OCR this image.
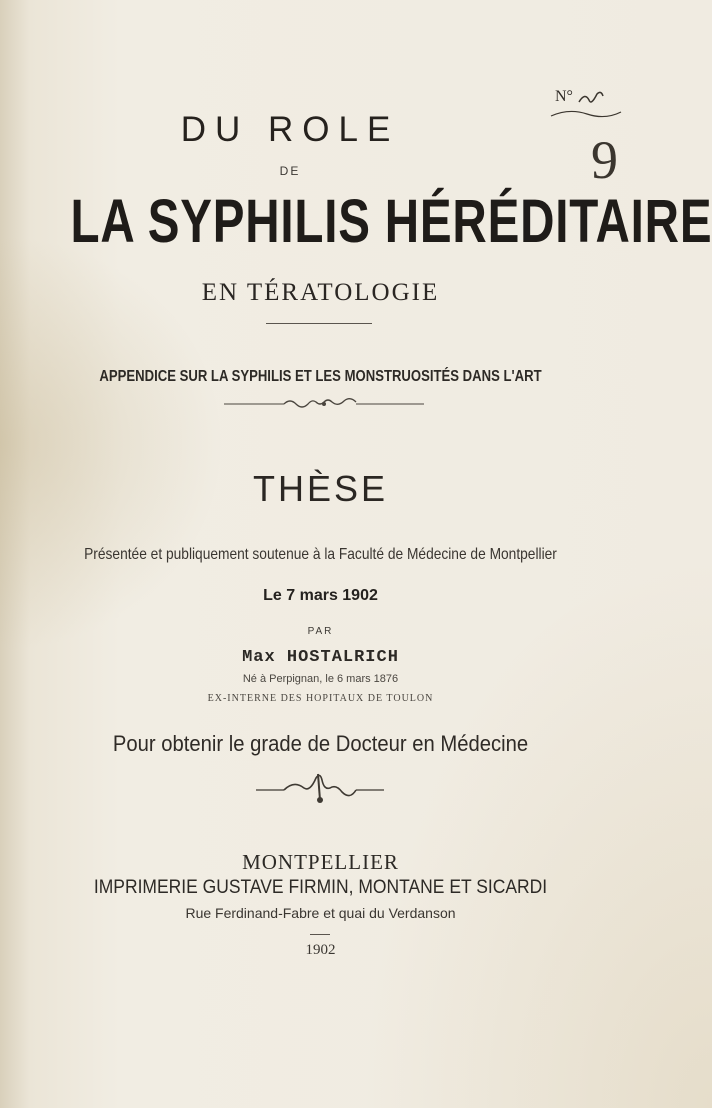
N°
9
DU ROLE
DE
LA SYPHILIS HÉRÉDITAIRE
EN TÉRATOLOGIE
APPENDICE SUR LA SYPHILIS ET LES MONSTRUOSITÉS DANS L'ART
THÈSE
Présentée et publiquement soutenue à la Faculté de Médecine de Montpellier
Le 7 mars 1902
PAR
Max HOSTALRICH
Né à Perpignan, le 6 mars 1876
EX-INTERNE DES HOPITAUX DE TOULON
Pour obtenir le grade de Docteur en Médecine
MONTPELLIER
IMPRIMERIE GUSTAVE FIRMIN, MONTANE ET SICARDI
Rue Ferdinand-Fabre et quai du Verdanson
1902
